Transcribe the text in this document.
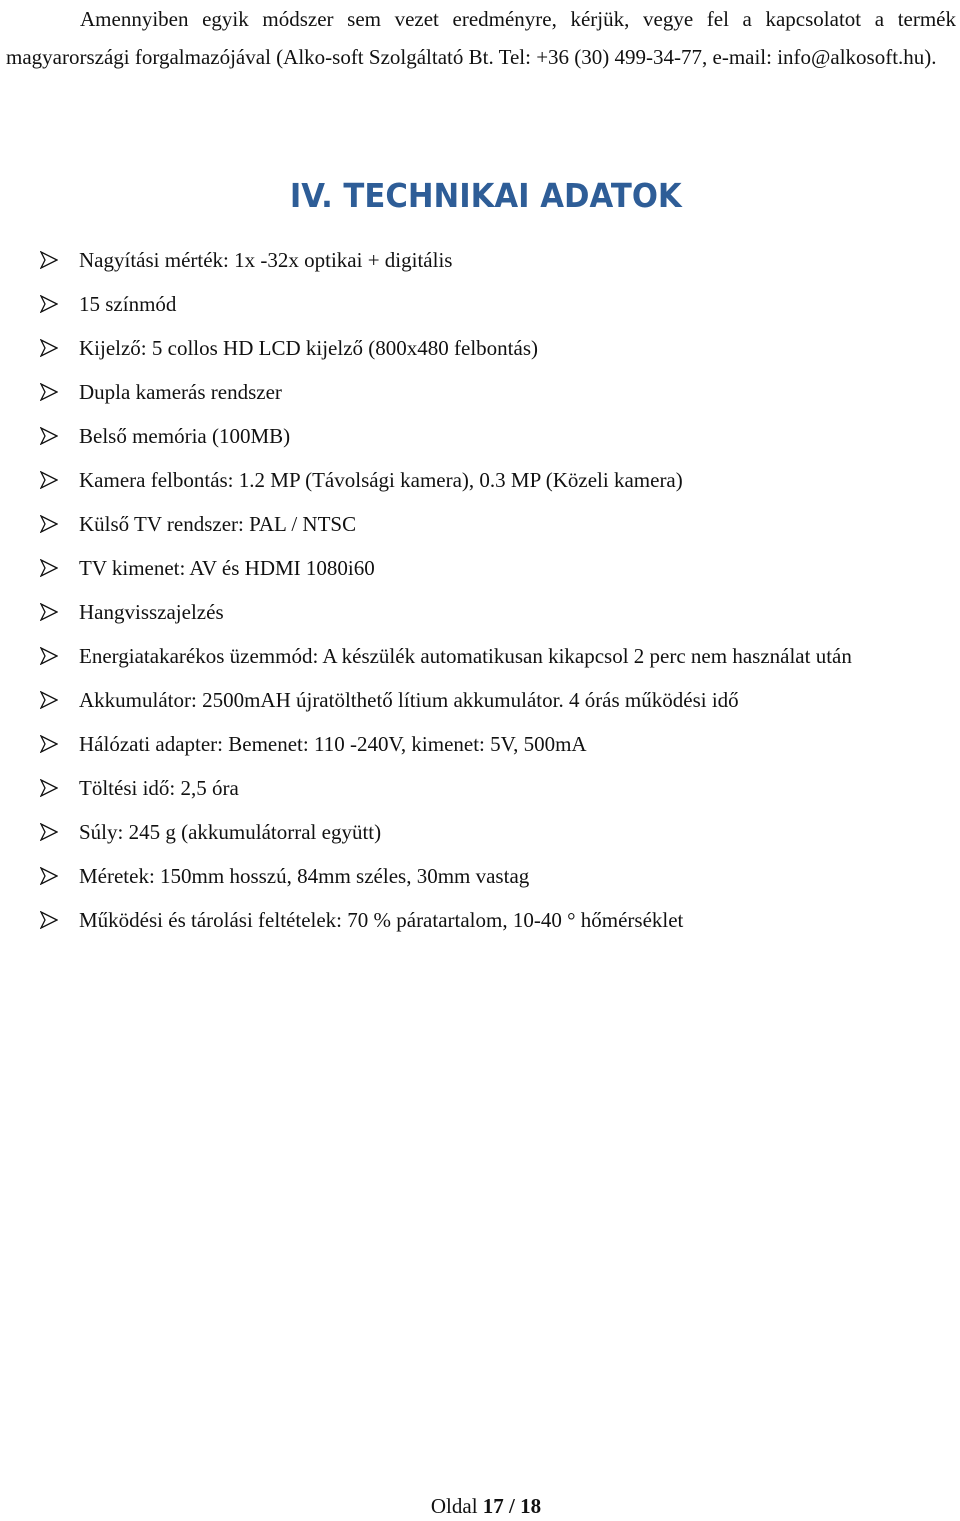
Amennyiben egyik módszer sem vezet eredményre, kérjük, vegye fel a kapcsolatot a termék magyarországi forgalmazójával (Alko-soft Szolgáltató Bt. Tel: +36 (30) 499-34-77, e-mail: info@alkosoft.hu).

IV. TECHNIKAI ADATOK
Nagyítási mérték: 1x -32x optikai + digitális
15 színmód
Kijelző: 5 collos HD LCD kijelző (800x480 felbontás)
Dupla kamerás rendszer
Belső memória (100MB)
Kamera felbontás: 1.2 MP (Távolsági kamera), 0.3 MP (Közeli kamera)
Külső TV rendszer: PAL / NTSC
TV kimenet: AV és HDMI 1080i60
Hangvisszajelzés
Energiatakarékos üzemmód: A készülék automatikusan kikapcsol 2 perc nem használat után
Akkumulátor: 2500mAH újratölthető lítium akkumulátor. 4 órás működési idő
Hálózati adapter: Bemenet: 110 -240V, kimenet: 5V, 500mA
Töltési idő: 2,5 óra
Súly: 245 g (akkumulátorral együtt)
Méretek: 150mm hosszú, 84mm széles, 30mm vastag
Működési és tárolási feltételek: 70 % páratartalom, 10-40 ° hőmérséklet

Oldal 17 / 18
